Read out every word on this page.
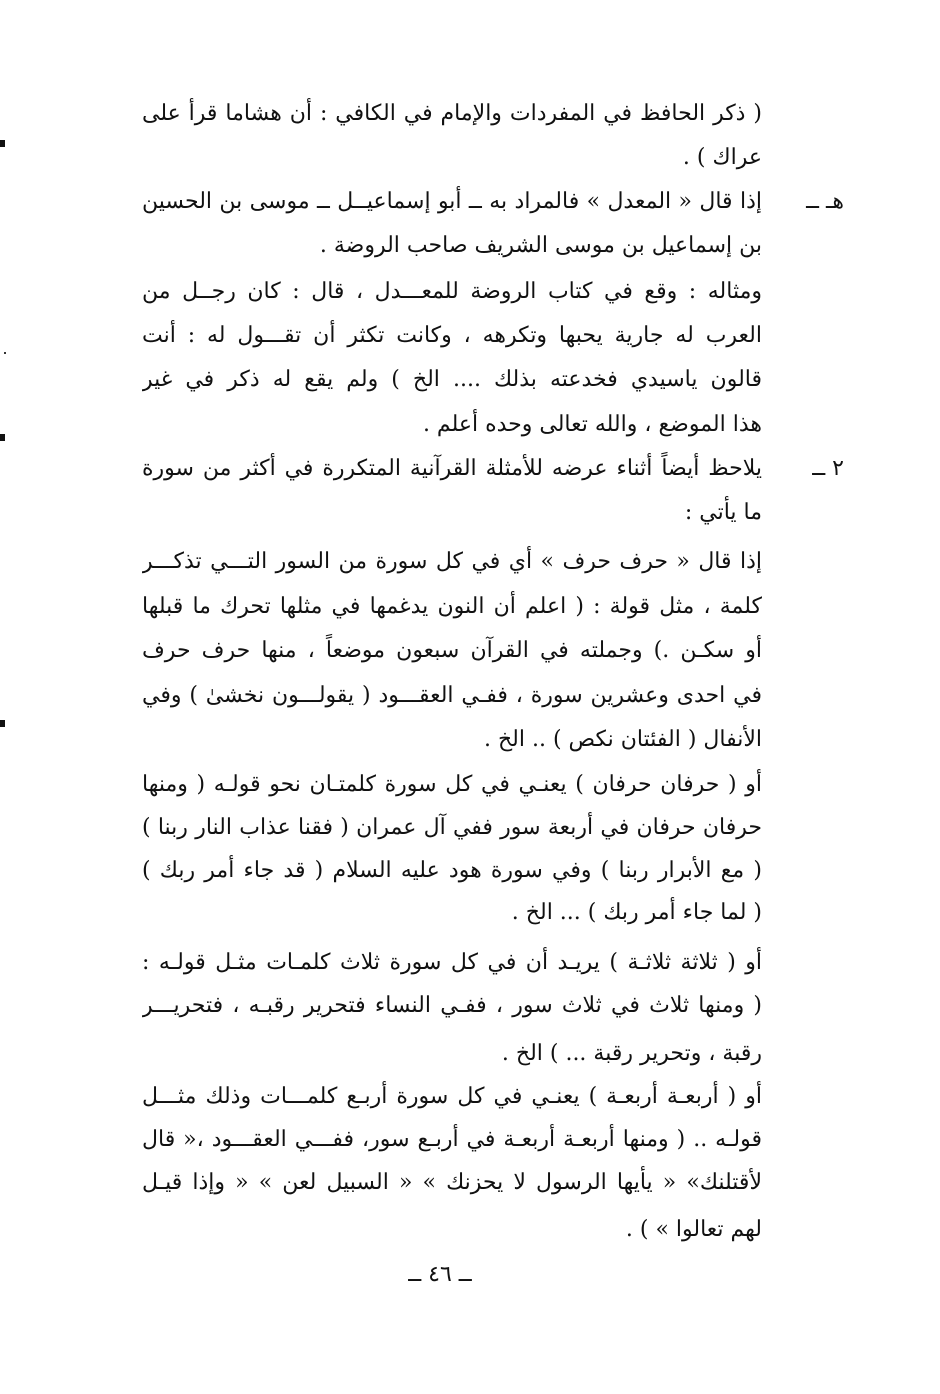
هـ ــ
٢ ــ
( ذكر الحافظ في المفردات والإمام في الكافي : أن هشاما قرأ على
عراك ) .
إذا قال « المعدل » فالمراد به ــ أبو إسماعيــل ــ موسى بن الحسين
بن إسماعيل بن موسى الشريف صاحب الروضة .
ومثاله : وقع في كتاب الروضة للمعـــدل ، قال : كان رجــل من
العرب له جارية يحبها وتكرهه ، وكانت تكثر أن تقـــول له : أنت
قالون ياسيدي فخدعته بذلك .... الخ ) ولم يقع له ذكر في غير
هذا الموضع ، والله تعالى وحده أعلم .
يلاحظ أيضاً أثناء عرضه للأمثلة القرآنية المتكررة في أكثر من سورة
ما يأتي :
إذا قال « حرف حرف » أي في كل سورة من السور التـــي تذكـــر
كلمة ، مثل قولة : ( اعلم أن النون يدغمها في مثلها تحرك ما قبلها
أو سكـن .) وجملته في القرآن سبعون موضعاً ، منها حرف حرف
في احدى وعشرين سورة ، ففـي العقـــود ( يقولـــون نخشىٰ ) وفي
الأنفال ( الفئتان نكص ) .. الخ .
أو ( حرفان حرفان ) يعنـي في كل سورة كلمتـان نحو قولـه ( ومنها
حرفان حرفان في أربعة سور ففي آل عمران ( فقنا عذاب النار ربنا )
( مع الأبرار ربنا ) وفي سورة هود عليه السلام ( قد جاء أمر ربك )
( لما جاء أمر ربك ) ... الخ .
أو ( ثلاثة ثلاثـة ) يريـد أن في كل سورة ثلاث كلمـات مثـل قولـه :
( ومنها ثلاث في ثلاث سور ، ففـي النساء فتحرير رقبـه ، فتحريـــر
رقبة ، وتحرير رقبة ... ) الخ .
أو ( أربعـة أربعـة ) يعنـي في كل سورة أربـع كلمـــات وذلك مثـــل
قولـه .. ( ومنها أربعـة أربعـة في أربـع سور، ففـــي العقـــود ،« قال
لأقتلنك» « يأيها الرسول لا يحزنك » « السبيل لعن » « وإذا قيـل
لهم تعالوا » ) .
ــ ٤٦ ــ
